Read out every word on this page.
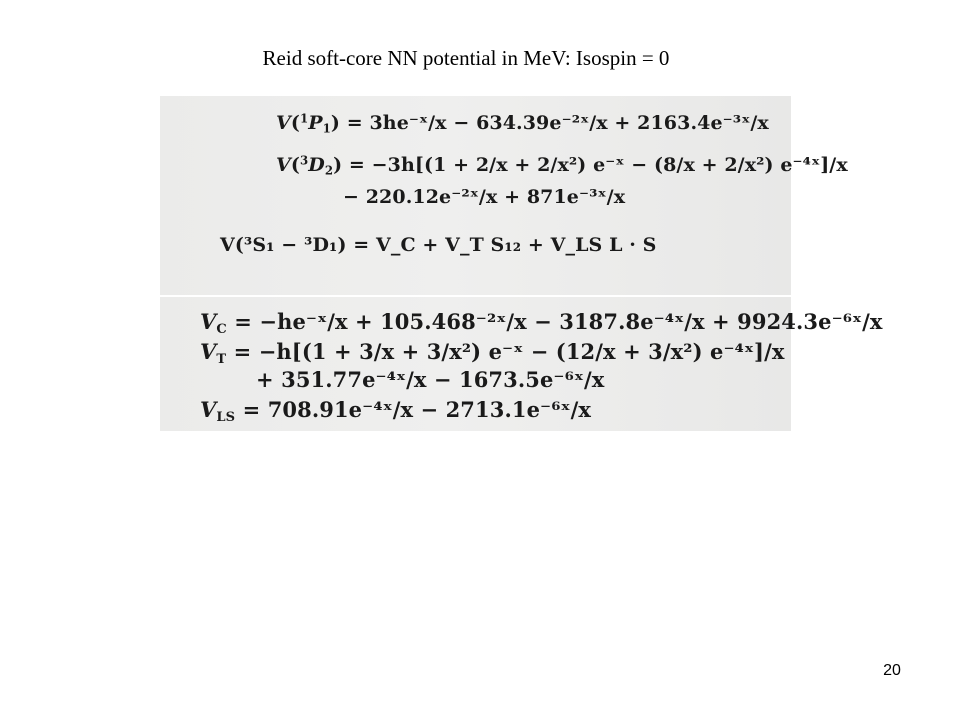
Reid soft-core NN potential in MeV: Isospin = 0

$V(^1P_1)$ = 3he⁻ˣ/x − 634.39e⁻²ˣ/x + 2163.4e⁻³ˣ/x
$V(^3D_2) = -3h[(1 + 2/x + 2/x^2)$ e⁻ˣ − (8/x + 2/x²) e⁻⁴ˣ]/x
− 220.12e⁻²ˣ/x + 871e⁻³ˣ/x
V(³S₁ − ³D₁) = V_C + V_T S₁₂ + V_LS L · S
$V_C$ = −he⁻ˣ/x + 105.468⁻²ˣ/x − 3187.8e⁻⁴ˣ/x + 9924.3e⁻⁶ˣ/x
$V_T = -h[(1 + 3/x + 3/x^2)$ e⁻ˣ − (12/x + 3/x²) e⁻⁴ˣ]/x
+ 351.77e⁻⁴ˣ/x − 1673.5e⁻⁶ˣ/x
$V_{LS}$ = 708.91e⁻⁴ˣ/x − 2713.1e⁻⁶ˣ/x
20
